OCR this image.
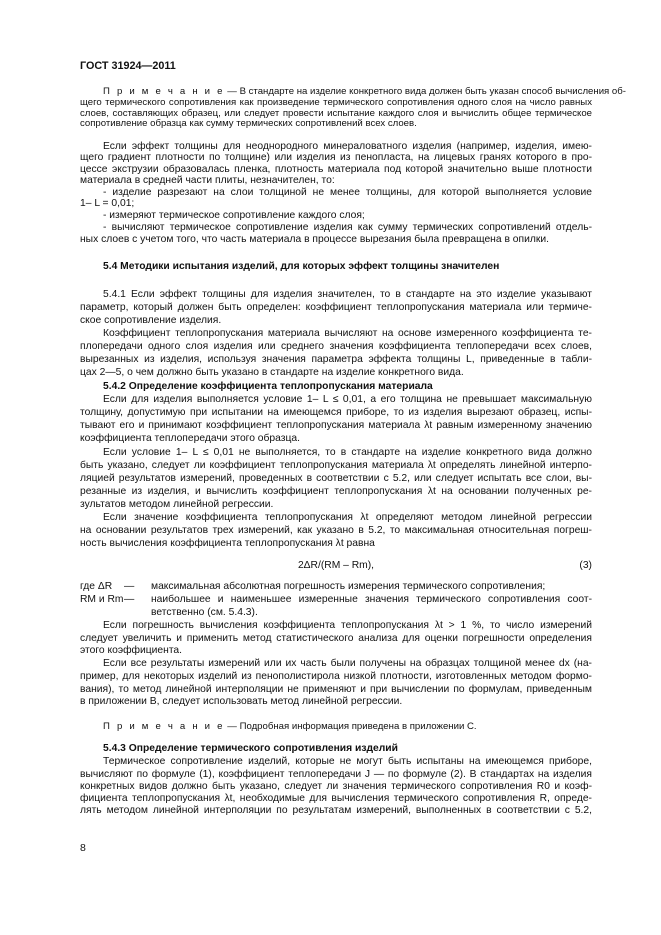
ГОСТ 31924—2011
П р и м е ч а н и е — В стандарте на изделие конкретного вида должен быть указан способ вычисления об-
щего термического сопротивления как произведение термического сопротивления одного слоя на число равных
слоев, составляющих образец, или следует провести испытание каждого слоя и вычислить общее термическое
сопротивление образца как сумму термических сопротивлений всех слоев.
Если эффект толщины для неоднородного минераловатного изделия (например, изделия, имею-
щего градиент плотности по толщине) или изделия из пенопласта, на лицевых гранях которого в про-
цессе экструзии образовалась пленка, плотность материала под которой значительно выше плотности
материала в средней части плиты, незначителен, то:
- изделие разрезают на слои толщиной не менее толщины, для которой выполняется условие
1– L = 0,01;
- измеряют термическое сопротивление каждого слоя;
- вычисляют термическое сопротивление изделия как сумму термических сопротивлений отдель-
ных слоев с учетом того, что часть материала в процессе вырезания была превращена в опилки.
5.4 Методики испытания изделий, для которых эффект толщины значителен
5.4.1 Если эффект толщины для изделия значителен, то в стандарте на это изделие указывают
параметр, который должен быть определен: коэффициент теплопропускания материала или термиче-
ское сопротивление изделия.
Коэффициент теплопропускания материала вычисляют на основе измеренного коэффициента те-
плопередачи одного слоя изделия или среднего значения коэффициента теплопередачи всех слоев,
вырезанных из изделия, используя значения параметра эффекта толщины L, приведенные в табли-
цах 2—5, о чем должно быть указано в стандарте на изделие конкретного вида.
5.4.2 Определение коэффициента теплопропускания материала
Если для изделия выполняется условие 1– L ≤ 0,01, а его толщина не превышает максимальную
толщину, допустимую при испытании на имеющемся приборе, то из изделия вырезают образец, испы-
тывают его и принимают коэффициент теплопропускания материала λt равным измеренному значению
коэффициента теплопередачи этого образца.
Если условие 1– L ≤ 0,01 не выполняется, то в стандарте на изделие конкретного вида должно
быть указано, следует ли коэффициент теплопропускания материала λt определять линейной интерпо-
ляцией результатов измерений, проведенных в соответствии с 5.2, или следует испытать все слои, вы-
резанные из изделия, и вычислить коэффициент теплопропускания λt на основании полученных ре-
зультатов методом линейной регрессии.
Если значение коэффициента теплопропускания λt определяют методом линейной регрессии
на основании результатов трех измерений, как указано в 5.2, то максимальная относительная погреш-
ность вычисления коэффициента теплопропускания λt равна
2ΔR/(RM – Rm),	(3)
где ΔR — максимальная абсолютная погрешность измерения термического сопротивления;
RM и Rm — наибольшее и наименьшее измеренные значения термического сопротивления соот-
ветственно (см. 5.4.3).
Если погрешность вычисления коэффициента теплопропускания λt > 1 %, то число измерений
следует увеличить и применить метод статистического анализа для оценки погрешности определения
этого коэффициента.
Если все результаты измерений или их часть были получены на образцах толщиной менее dx (на-
пример, для некоторых изделий из пенополистирола низкой плотности, изготовленных методом формо-
вания), то метод линейной интерполяции не применяют и при вычислении по формулам, приведенным
в приложении В, следует использовать метод линейной регрессии.
П р и м е ч а н и е — Подробная информация приведена в приложении С.
5.4.3 Определение термического сопротивления изделий
Термическое сопротивление изделий, которые не могут быть испытаны на имеющемся приборе,
вычисляют по формуле (1), коэффициент теплопередачи J — по формуле (2). В стандартах на изделия
конкретных видов должно быть указано, следует ли значения термического сопротивления R0 и коэф-
фициента теплопропускания λt, необходимые для вычисления термического сопротивления R, опреде-
лять методом линейной интерполяции по результатам измерений, выполненных в соответствии с 5.2,
8
